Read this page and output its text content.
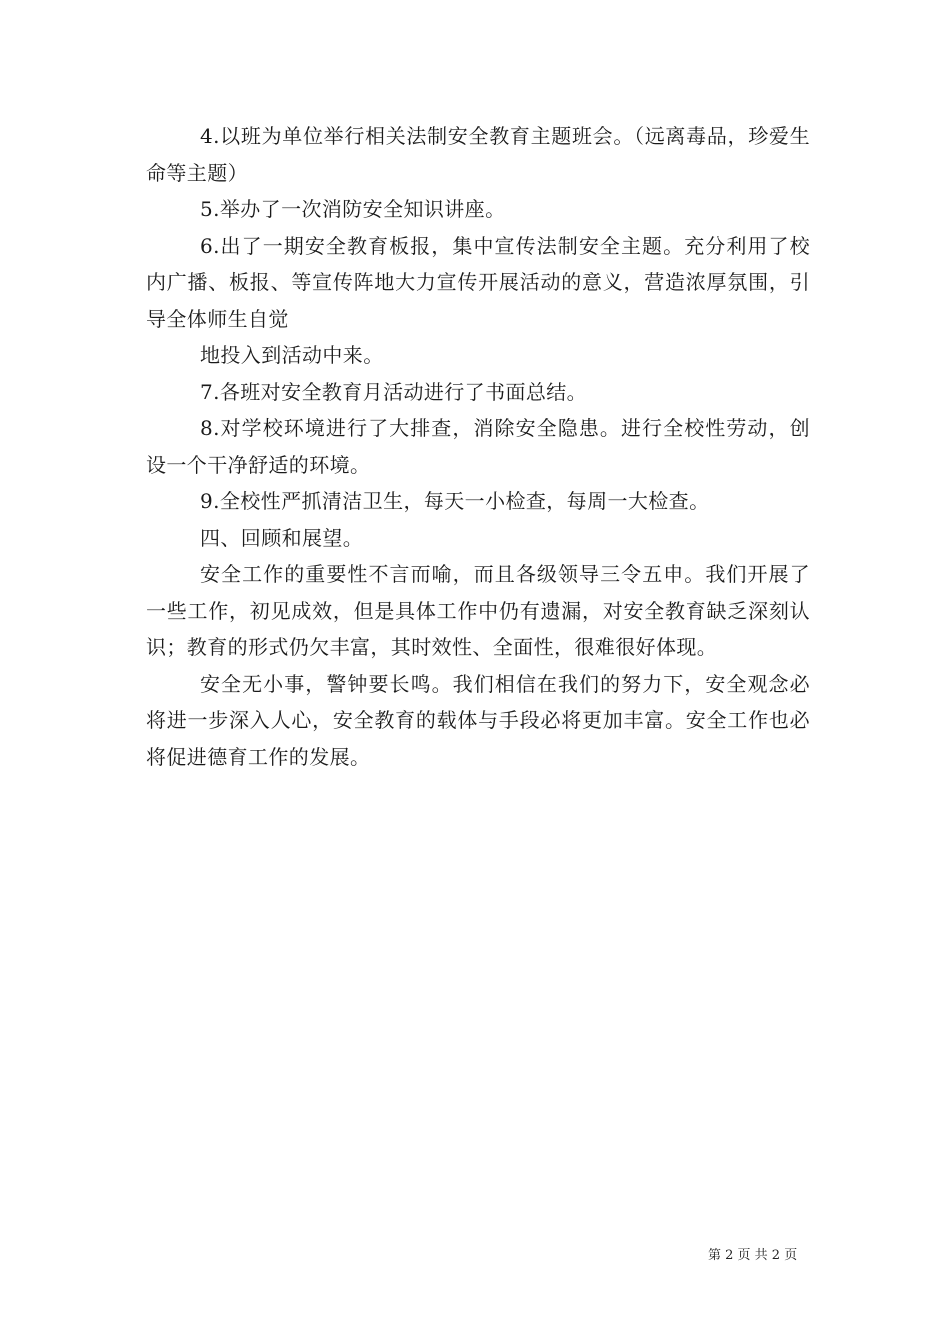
4.以班为单位举行相关法制安全教育主题班会。（远离毒品，珍爱生命等主题）

5.举办了一次消防安全知识讲座。

6.出了一期安全教育板报，集中宣传法制安全主题。充分利用了校内广播、板报、等宣传阵地大力宣传开展活动的意义，营造浓厚氛围，引导全体师生自觉

地投入到活动中来。

7.各班对安全教育月活动进行了书面总结。

8.对学校环境进行了大排查，消除安全隐患。进行全校性劳动，创设一个干净舒适的环境。

9.全校性严抓清洁卫生，每天一小检查，每周一大检查。

四、回顾和展望。

安全工作的重要性不言而喻，而且各级领导三令五申。我们开展了一些工作，初见成效，但是具体工作中仍有遗漏，对安全教育缺乏深刻认识；教育的形式仍欠丰富，其时效性、全面性，很难很好体现。

安全无小事，警钟要长鸣。我们相信在我们的努力下，安全观念必将进一步深入人心，安全教育的载体与手段必将更加丰富。安全工作也必将促进德育工作的发展。

第 2 页 共 2 页
